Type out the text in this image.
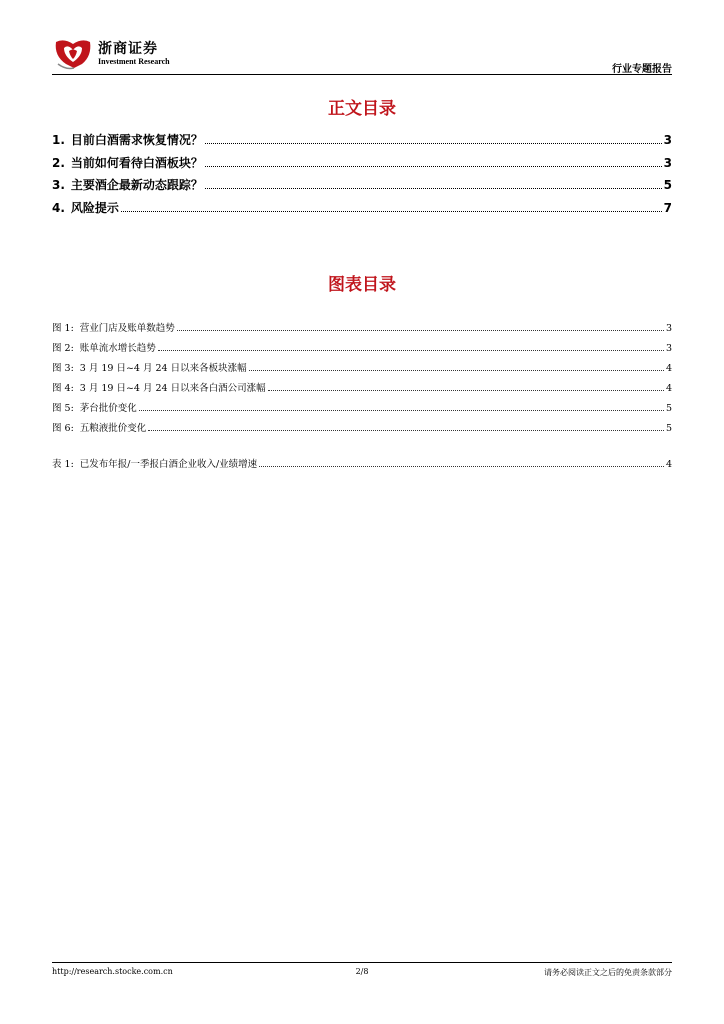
浙商证券
Investment Research
行业专题报告
正文目录
1. 目前白酒需求恢复情况？	3
2. 当前如何看待白酒板块？	3
3. 主要酒企最新动态跟踪？	5
4. 风险提示	7
图表目录
图 1: 营业门店及账单数趋势	3
图 2: 账单流水增长趋势	3
图 3: 3 月 19 日~4 月 24 日以来各板块涨幅	4
图 4: 3 月 19 日~4 月 24 日以来各白酒公司涨幅	4
图 5: 茅台批价变化	5
图 6: 五粮液批价变化	5
表 1: 已发布年报/一季报白酒企业收入/业绩增速	4
http://research.stocke.com.cn	2/8	请务必阅读正文之后的免责条款部分
